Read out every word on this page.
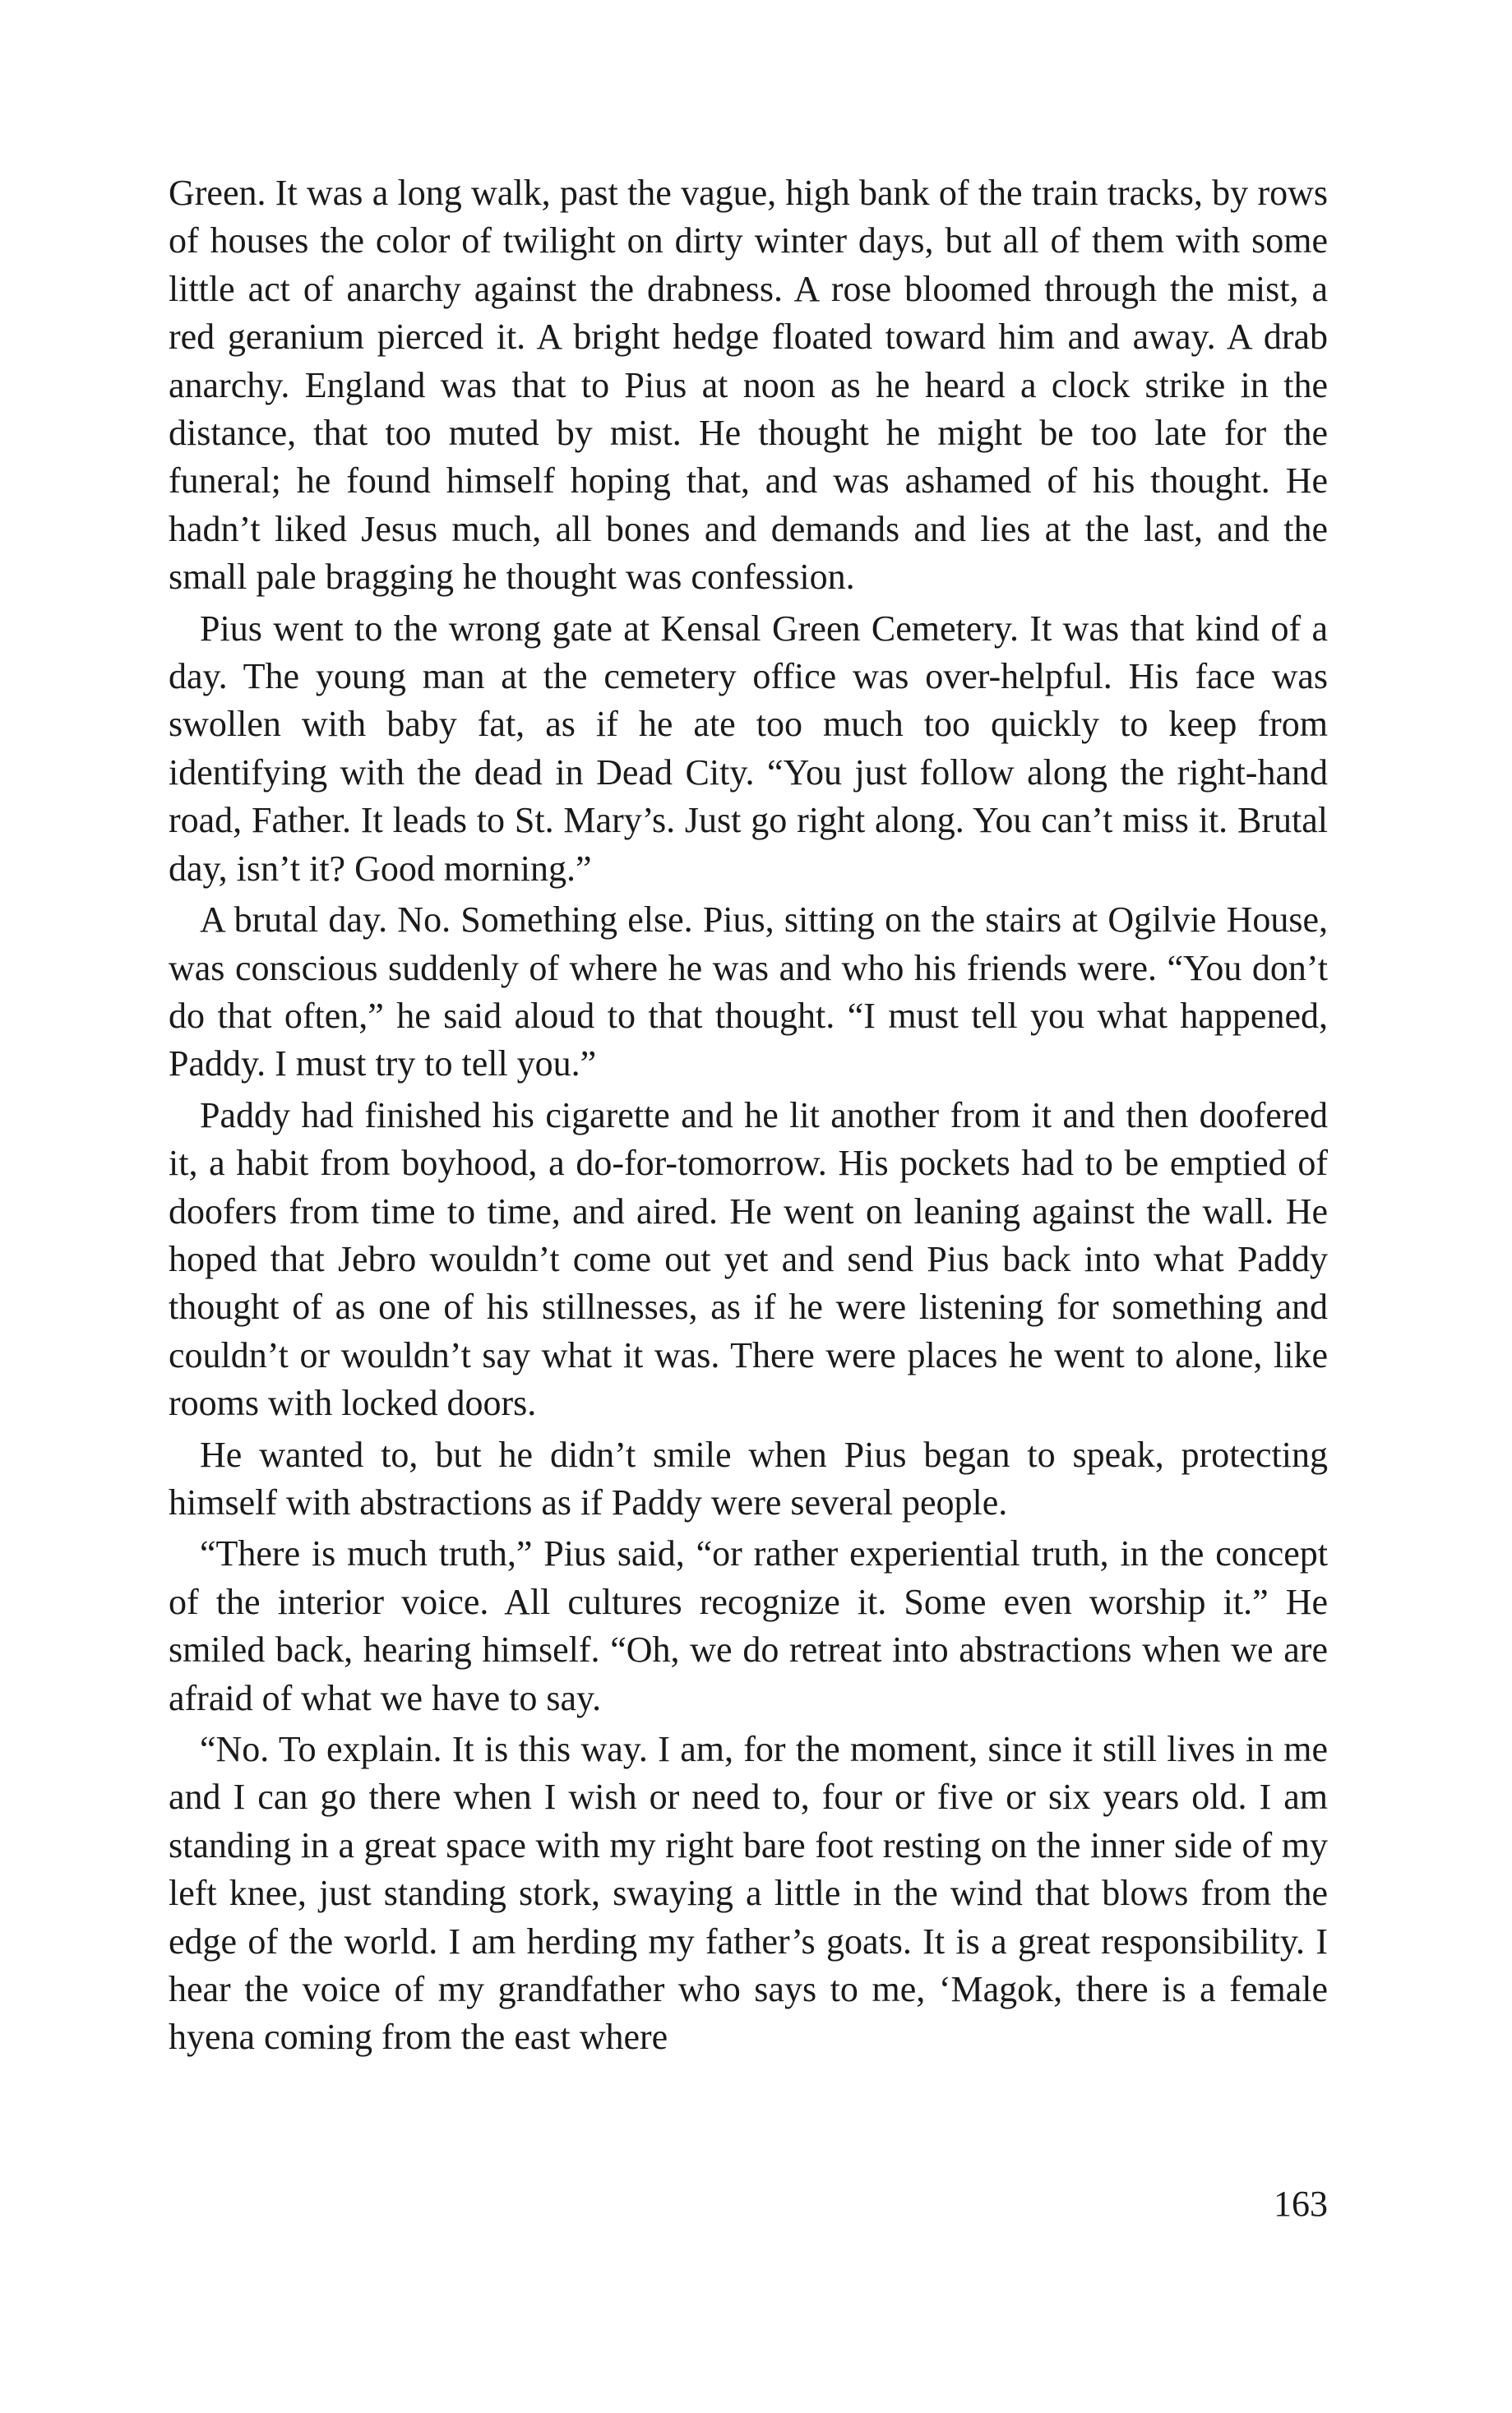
Green. It was a long walk, past the vague, high bank of the train tracks, by rows of houses the color of twilight on dirty winter days, but all of them with some little act of anarchy against the drabness. A rose bloomed through the mist, a red geranium pierced it. A bright hedge floated toward him and away. A drab anarchy. England was that to Pius at noon as he heard a clock strike in the distance, that too muted by mist. He thought he might be too late for the funeral; he found himself hoping that, and was ashamed of his thought. He hadn’t liked Jesus much, all bones and demands and lies at the last, and the small pale bragging he thought was confession.

Pius went to the wrong gate at Kensal Green Cemetery. It was that kind of a day. The young man at the cemetery office was over-helpful. His face was swollen with baby fat, as if he ate too much too quickly to keep from identifying with the dead in Dead City. “You just follow along the right-hand road, Father. It leads to St. Mary’s. Just go right along. You can’t miss it. Brutal day, isn’t it? Good morning.”

A brutal day. No. Something else. Pius, sitting on the stairs at Ogilvie House, was conscious suddenly of where he was and who his friends were. “You don’t do that often,” he said aloud to that thought. “I must tell you what happened, Paddy. I must try to tell you.”

Paddy had finished his cigarette and he lit another from it and then doofered it, a habit from boyhood, a do-for-tomorrow. His pockets had to be emptied of doofers from time to time, and aired. He went on leaning against the wall. He hoped that Jebro wouldn’t come out yet and send Pius back into what Paddy thought of as one of his stillnesses, as if he were listening for something and couldn’t or wouldn’t say what it was. There were places he went to alone, like rooms with locked doors.

He wanted to, but he didn’t smile when Pius began to speak, protecting himself with abstractions as if Paddy were several people.

“There is much truth,” Pius said, “or rather experiential truth, in the concept of the interior voice. All cultures recognize it. Some even worship it.” He smiled back, hearing himself. “Oh, we do retreat into abstractions when we are afraid of what we have to say.

“No. To explain. It is this way. I am, for the moment, since it still lives in me and I can go there when I wish or need to, four or five or six years old. I am standing in a great space with my right bare foot resting on the inner side of my left knee, just standing stork, swaying a little in the wind that blows from the edge of the world. I am herding my father’s goats. It is a great responsibility. I hear the voice of my grandfather who says to me, ‘Magok, there is a female hyena coming from the east where

163
